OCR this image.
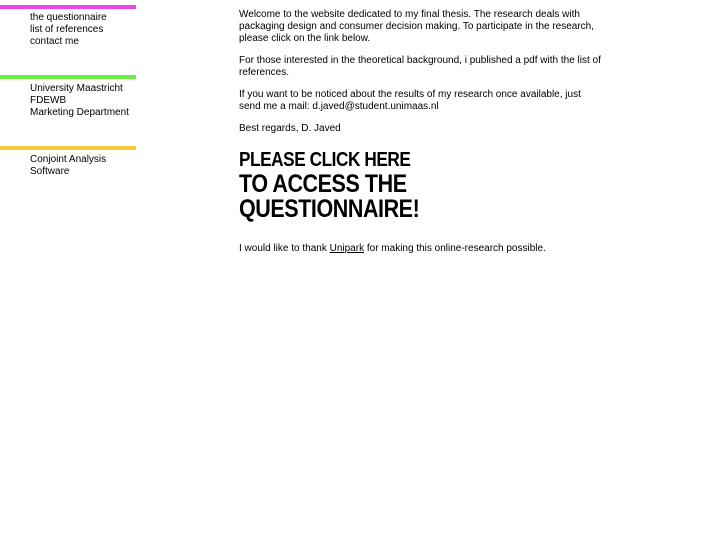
the questionnaire
list of references
contact me
University Maastricht
FDEWB
Marketing Department
Conjoint Analysis
Software

Welcome to the website dedicated to my final thesis. The research deals with packaging design and consumer decision making. To participate in the research, please click on the link below.

For those interested in the theoretical background, i published a pdf with the list of references.

If you want to be noticed about the results of my research once available, just send me a mail: d.javed@student.unimaas.nl

Best regards, D. Javed

PLEASE CLICK HERE
TO ACCESS THE
QUESTIONNAIRE!

I would like to thank Unipark for making this online-research possible.
